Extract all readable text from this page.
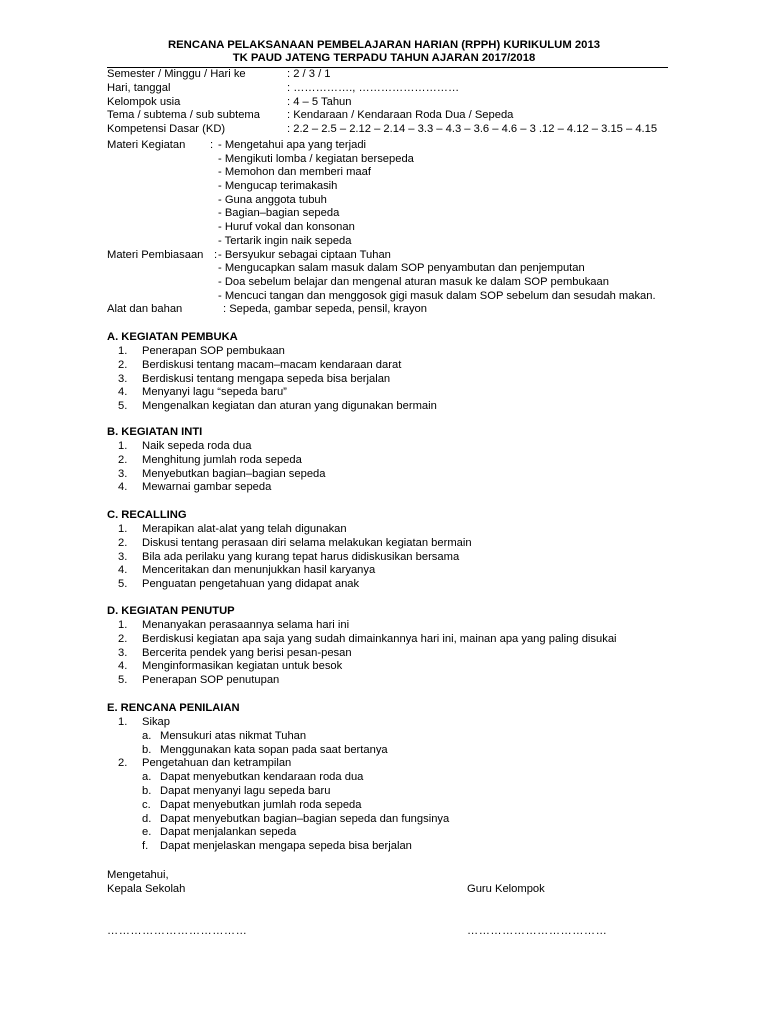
RENCANA PELAKSANAAN PEMBELAJARAN HARIAN (RPPH) KURIKULUM 2013
TK PAUD JATENG TERPADU TAHUN AJARAN 2017/2018
Semester / Minggu / Hari ke	: 2 / 3 / 1
Hari, tanggal	: ……………., ………………………
Kelompok usia	: 4 – 5 Tahun
Tema / subtema / sub subtema : Kendaraan / Kendaraan Roda Dua / Sepeda
Kompetensi Dasar (KD)	: 2.2 – 2.5 – 2.12 – 2.14 – 3.3 – 4.3 – 3.6 – 4.6 – 3 .12 – 4.12 – 3.15 – 4.15
Materi Kegiatan : - Mengetahui apa yang terjadi
- Mengikuti lomba / kegiatan bersepeda
- Memohon dan memberi maaf
- Mengucap terimakasih
- Guna anggota tubuh
- Bagian–bagian sepeda
- Huruf vokal dan konsonan
- Tertarik ingin naik sepeda
Materi Pembiasaan : - Bersyukur sebagai ciptaan Tuhan
- Mengucapkan salam masuk dalam SOP penyambutan dan penjemputan
- Doa sebelum belajar dan mengenal aturan masuk ke dalam SOP pembukaan
- Mencuci tangan dan menggosok gigi masuk dalam SOP sebelum dan sesudah makan.
Alat dan bahan	: Sepeda, gambar sepeda, pensil, krayon
A. KEGIATAN PEMBUKA
1. Penerapan SOP pembukaan
2. Berdiskusi tentang macam–macam kendaraan darat
3. Berdiskusi tentang mengapa sepeda bisa berjalan
4. Menyanyi lagu “sepeda baru”
5. Mengenalkan kegiatan dan aturan yang digunakan bermain
B. KEGIATAN INTI
1. Naik sepeda roda dua
2. Menghitung jumlah roda sepeda
3. Menyebutkan bagian–bagian sepeda
4. Mewarnai gambar sepeda
C. RECALLING
1. Merapikan alat-alat yang telah digunakan
2. Diskusi tentang perasaan diri selama melakukan kegiatan bermain
3. Bila ada perilaku yang kurang tepat harus didiskusikan bersama
4. Menceritakan dan menunjukkan hasil karyanya
5. Penguatan pengetahuan yang didapat anak
D. KEGIATAN PENUTUP
1. Menanyakan perasaannya selama hari ini
2. Berdiskusi kegiatan apa saja yang sudah dimainkannya hari ini, mainan apa yang paling disukai
3. Bercerita pendek yang berisi pesan-pesan
4. Menginformasikan kegiatan untuk besok
5. Penerapan SOP penutupan
E. RENCANA PENILAIAN
1. Sikap
a. Mensukuri atas nikmat Tuhan
b. Menggunakan kata sopan pada saat bertanya
2. Pengetahuan dan ketrampilan
a. Dapat menyebutkan kendaraan roda dua
b. Dapat menyanyi lagu sepeda baru
c. Dapat menyebutkan jumlah roda sepeda
d. Dapat menyebutkan bagian–bagian sepeda dan fungsinya
e. Dapat menjalankan sepeda
f. Dapat menjelaskan mengapa sepeda bisa berjalan
Mengetahui,
Kepala Sekolah	Guru Kelompok
………………………………	………………………………
